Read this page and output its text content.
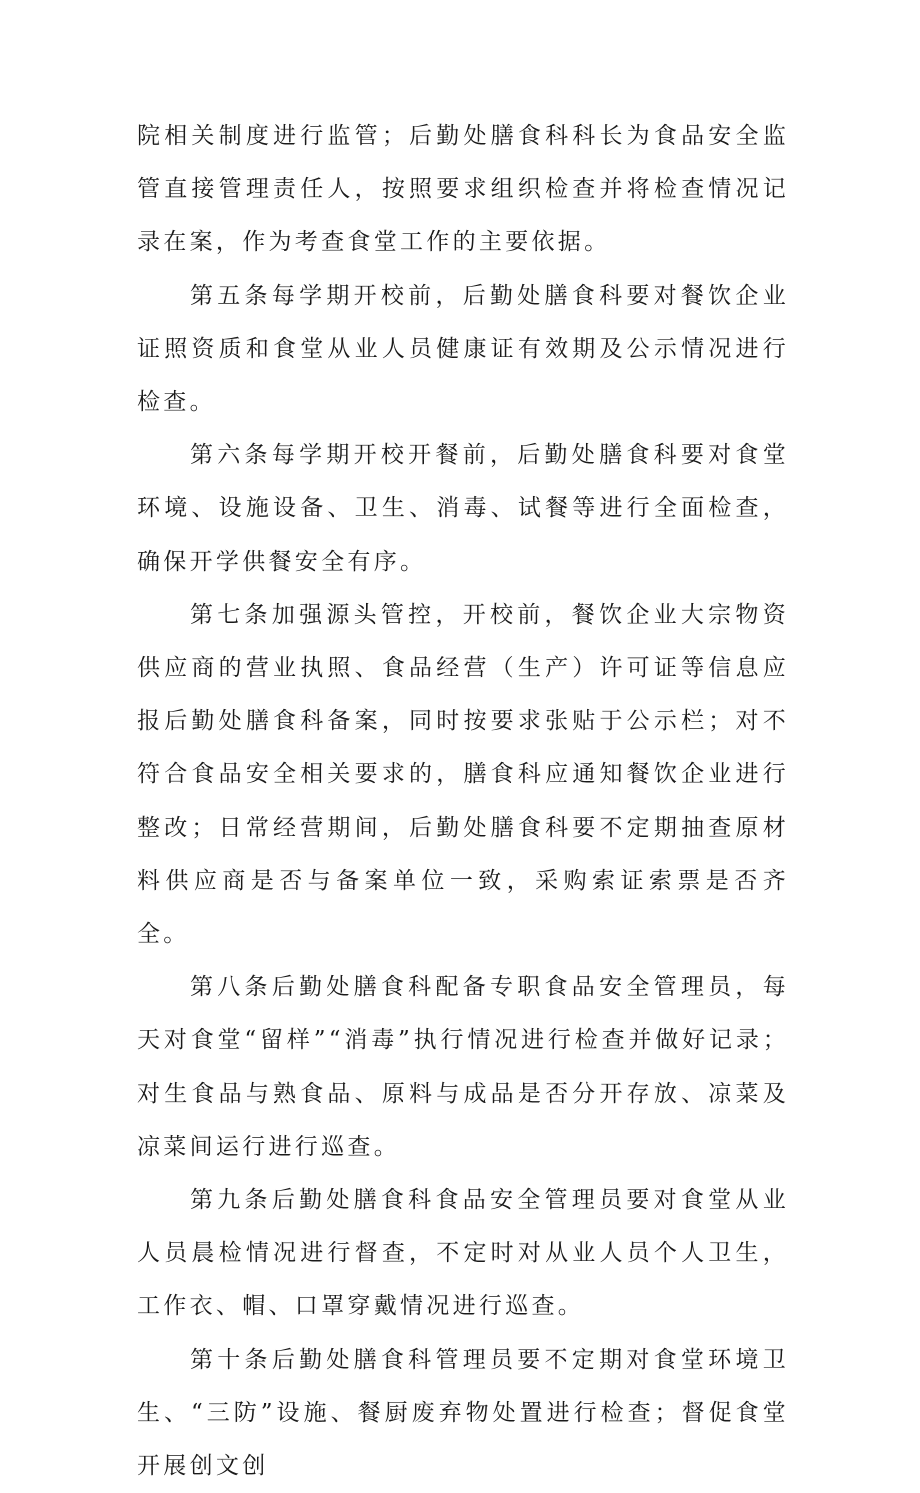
院相关制度进行监管；后勤处膳食科科长为食品安全监管直接管理责任人，按照要求组织检查并将检查情况记录在案，作为考查食堂工作的主要依据。

第五条每学期开校前，后勤处膳食科要对餐饮企业证照资质和食堂从业人员健康证有效期及公示情况进行检查。

第六条每学期开校开餐前，后勤处膳食科要对食堂环境、设施设备、卫生、消毒、试餐等进行全面检查，确保开学供餐安全有序。

第七条加强源头管控，开校前，餐饮企业大宗物资供应商的营业执照、食品经营（生产）许可证等信息应报后勤处膳食科备案，同时按要求张贴于公示栏；对不符合食品安全相关要求的，膳食科应通知餐饮企业进行整改；日常经营期间，后勤处膳食科要不定期抽查原材料供应商是否与备案单位一致，采购索证索票是否齐全。

第八条后勤处膳食科配备专职食品安全管理员，每天对食堂“留样”“消毒”执行情况进行检查并做好记录；对生食品与熟食品、原料与成品是否分开存放、凉菜及凉菜间运行进行巡查。

第九条后勤处膳食科食品安全管理员要对食堂从业人员晨检情况进行督查，不定时对从业人员个人卫生，工作衣、帽、口罩穿戴情况进行巡查。

第十条后勤处膳食科管理员要不定期对食堂环境卫生、“三防”设施、餐厨废弃物处置进行检查；督促食堂开展创文创
